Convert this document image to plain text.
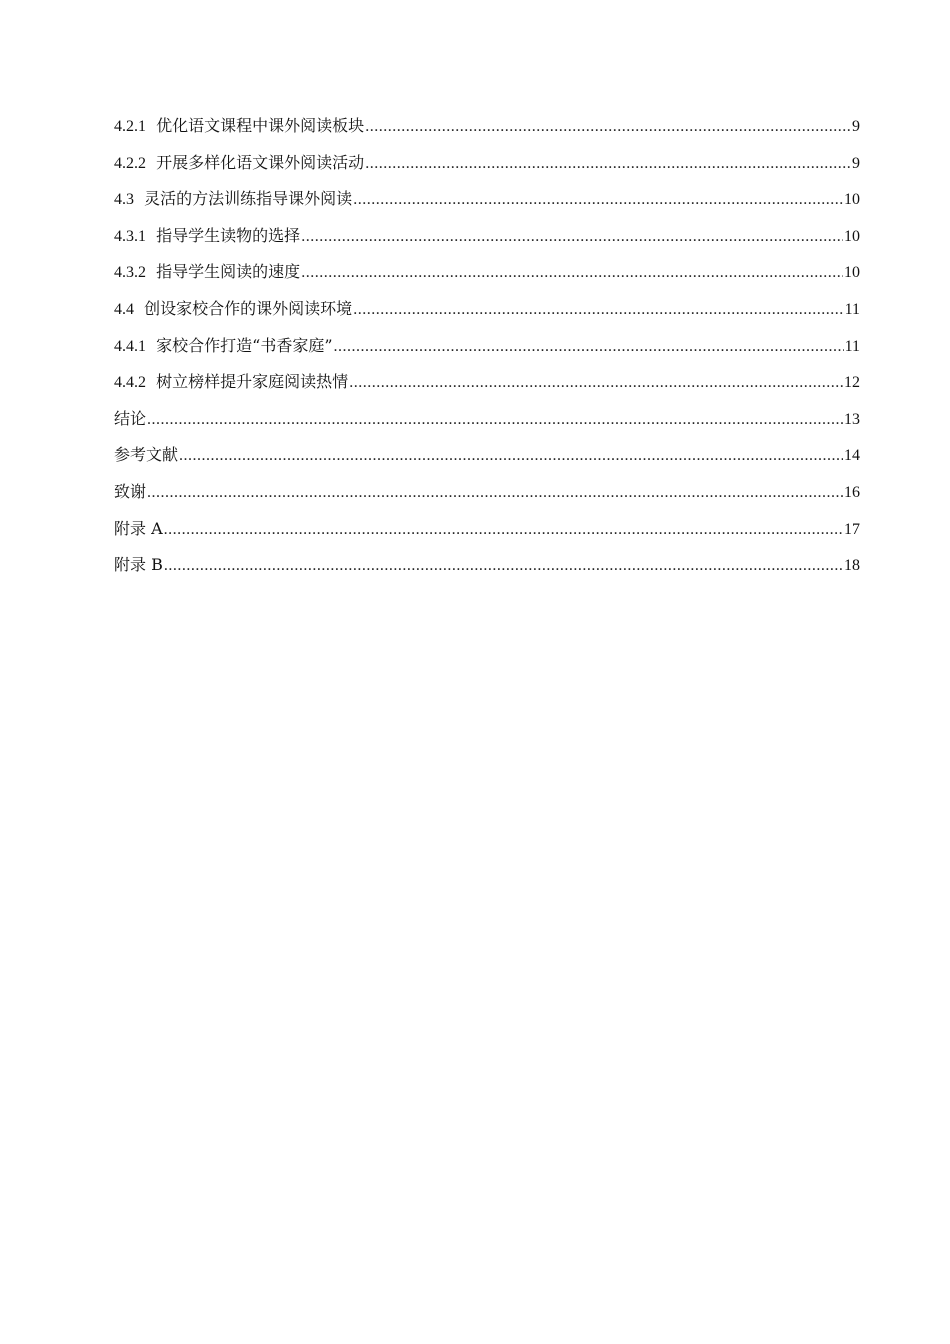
4.2.1 优化语文课程中课外阅读板块 .....	9
4.2.2 开展多样化语文课外阅读活动 .....	9
4.3 灵活的方法训练指导课外阅读 .....	10
4.3.1 指导学生读物的选择 .....	10
4.3.2 指导学生阅读的速度 .....	10
4.4 创设家校合作的课外阅读环境 .....	11
4.4.1 家校合作打造“书香家庭” .....	11
4.4.2 树立榜样提升家庭阅读热情 .....	12
结论 .....	13
参考文献 .....	14
致谢 .....	16
附录 A .....	17
附录 B .....	18
